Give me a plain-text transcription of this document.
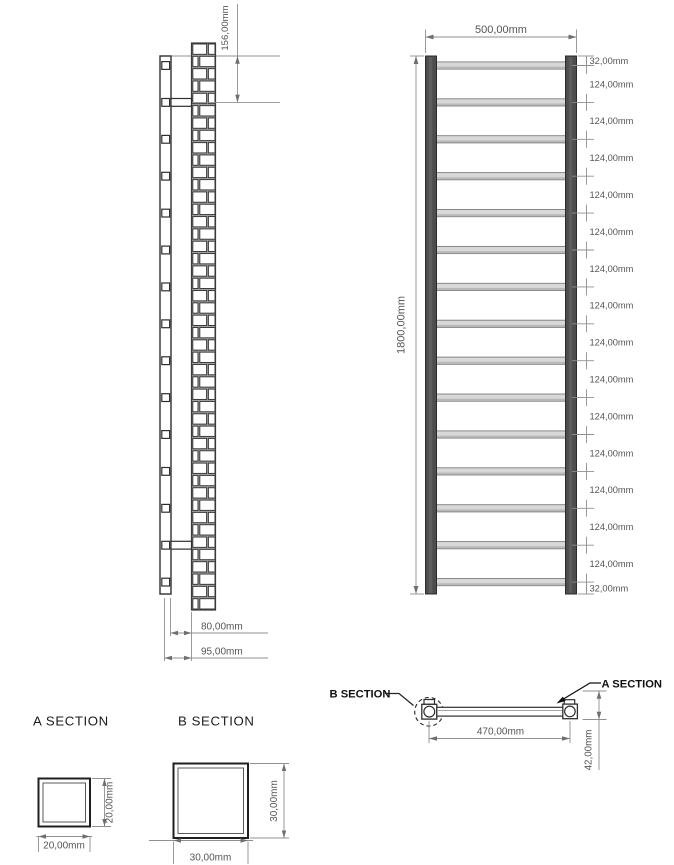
156,00mm
80,00mm
95,00mm
500,00mm
1800,00mm
32,00mm
124,00mm
124,00mm
124,00mm
124,00mm
124,00mm
124,00mm
124,00mm
124,00mm
124,00mm
124,00mm
124,00mm
124,00mm
124,00mm
124,00mm
32,00mm
B SECTION
A SECTION
470,00mm	42,00mm
A SECTION
20,00mm
20,00mm
B SECTION
30,00mm
30,00mm
